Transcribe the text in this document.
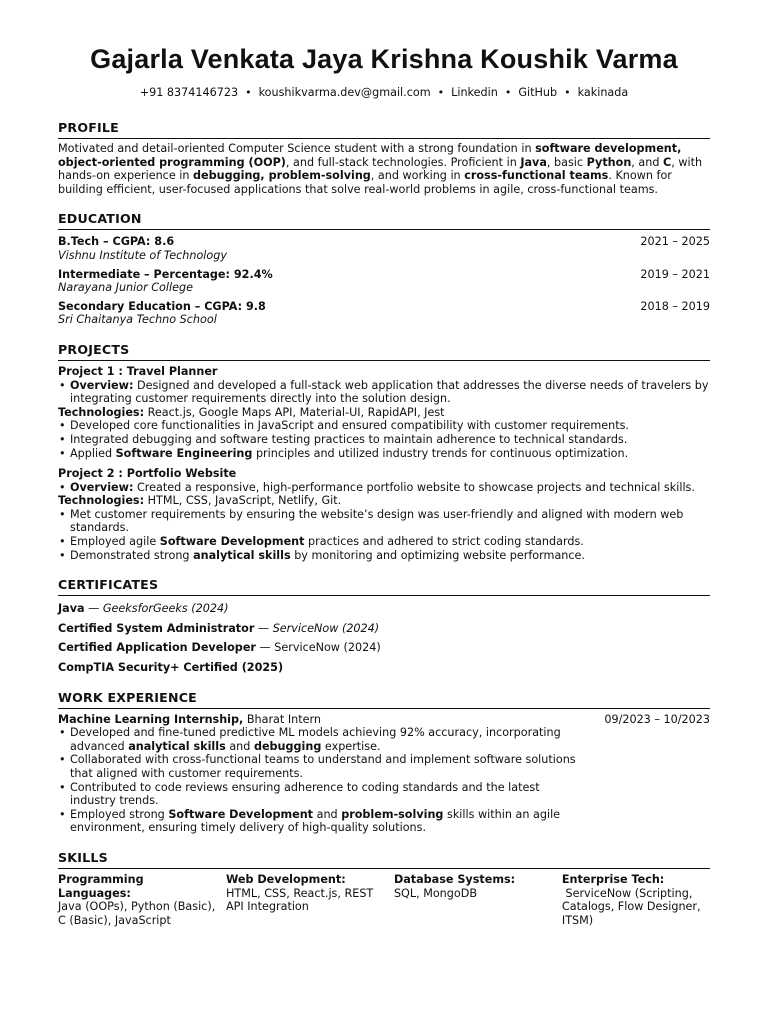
Gajarla Venkata Jaya Krishna Koushik Varma
+91 8374146723 • koushikvarma.dev@gmail.com • Linkedin • GitHub • kakinada
PROFILE
Motivated and detail-oriented Computer Science student with a strong foundation in software development, object-oriented programming (OOP), and full-stack technologies. Proficient in Java, basic Python, and C, with hands-on experience in debugging, problem-solving, and working in cross-functional teams. Known for building efficient, user-focused applications that solve real-world problems in agile, cross-functional teams.
EDUCATION
B.Tech – CGPA: 8.6	2021 – 2025
Vishnu Institute of Technology
Intermediate – Percentage: 92.4%	2019 – 2021
Narayana Junior College
Secondary Education – CGPA: 9.8	2018 – 2019
Sri Chaitanya Techno School
PROJECTS
Project 1 : Travel Planner
• Overview: Designed and developed a full-stack web application that addresses the diverse needs of travelers by integrating customer requirements directly into the solution design.
Technologies: React.js, Google Maps API, Material-UI, RapidAPI, Jest
• Developed core functionalities in JavaScript and ensured compatibility with customer requirements.
• Integrated debugging and software testing practices to maintain adherence to technical standards.
• Applied Software Engineering principles and utilized industry trends for continuous optimization.
Project 2 : Portfolio Website
• Overview: Created a responsive, high-performance portfolio website to showcase projects and technical skills.
Technologies: HTML, CSS, JavaScript, Netlify, Git.
• Met customer requirements by ensuring the website’s design was user-friendly and aligned with modern web standards.
• Employed agile Software Development practices and adhered to strict coding standards.
• Demonstrated strong analytical skills by monitoring and optimizing website performance.
CERTIFICATES
Java — GeeksforGeeks (2024)
Certified System Administrator — ServiceNow (2024)
Certified Application Developer — ServiceNow (2024)
CompTIA Security+ Certified (2025)
WORK EXPERIENCE
Machine Learning Internship, Bharat Intern	09/2023 – 10/2023
• Developed and fine-tuned predictive ML models achieving 92% accuracy, incorporating advanced analytical skills and debugging expertise.
• Collaborated with cross-functional teams to understand and implement software solutions that aligned with customer requirements.
• Contributed to code reviews ensuring adherence to coding standards and the latest industry trends.
• Employed strong Software Development and problem-solving skills within an agile environment, ensuring timely delivery of high-quality solutions.
SKILLS
Programming Languages:
Java (OOPs), Python (Basic), C (Basic), JavaScript
Web Development:
HTML, CSS, React.js, REST API Integration
Database Systems:
SQL, MongoDB
Enterprise Tech:
ServiceNow (Scripting, Catalogs, Flow Designer, ITSM)
